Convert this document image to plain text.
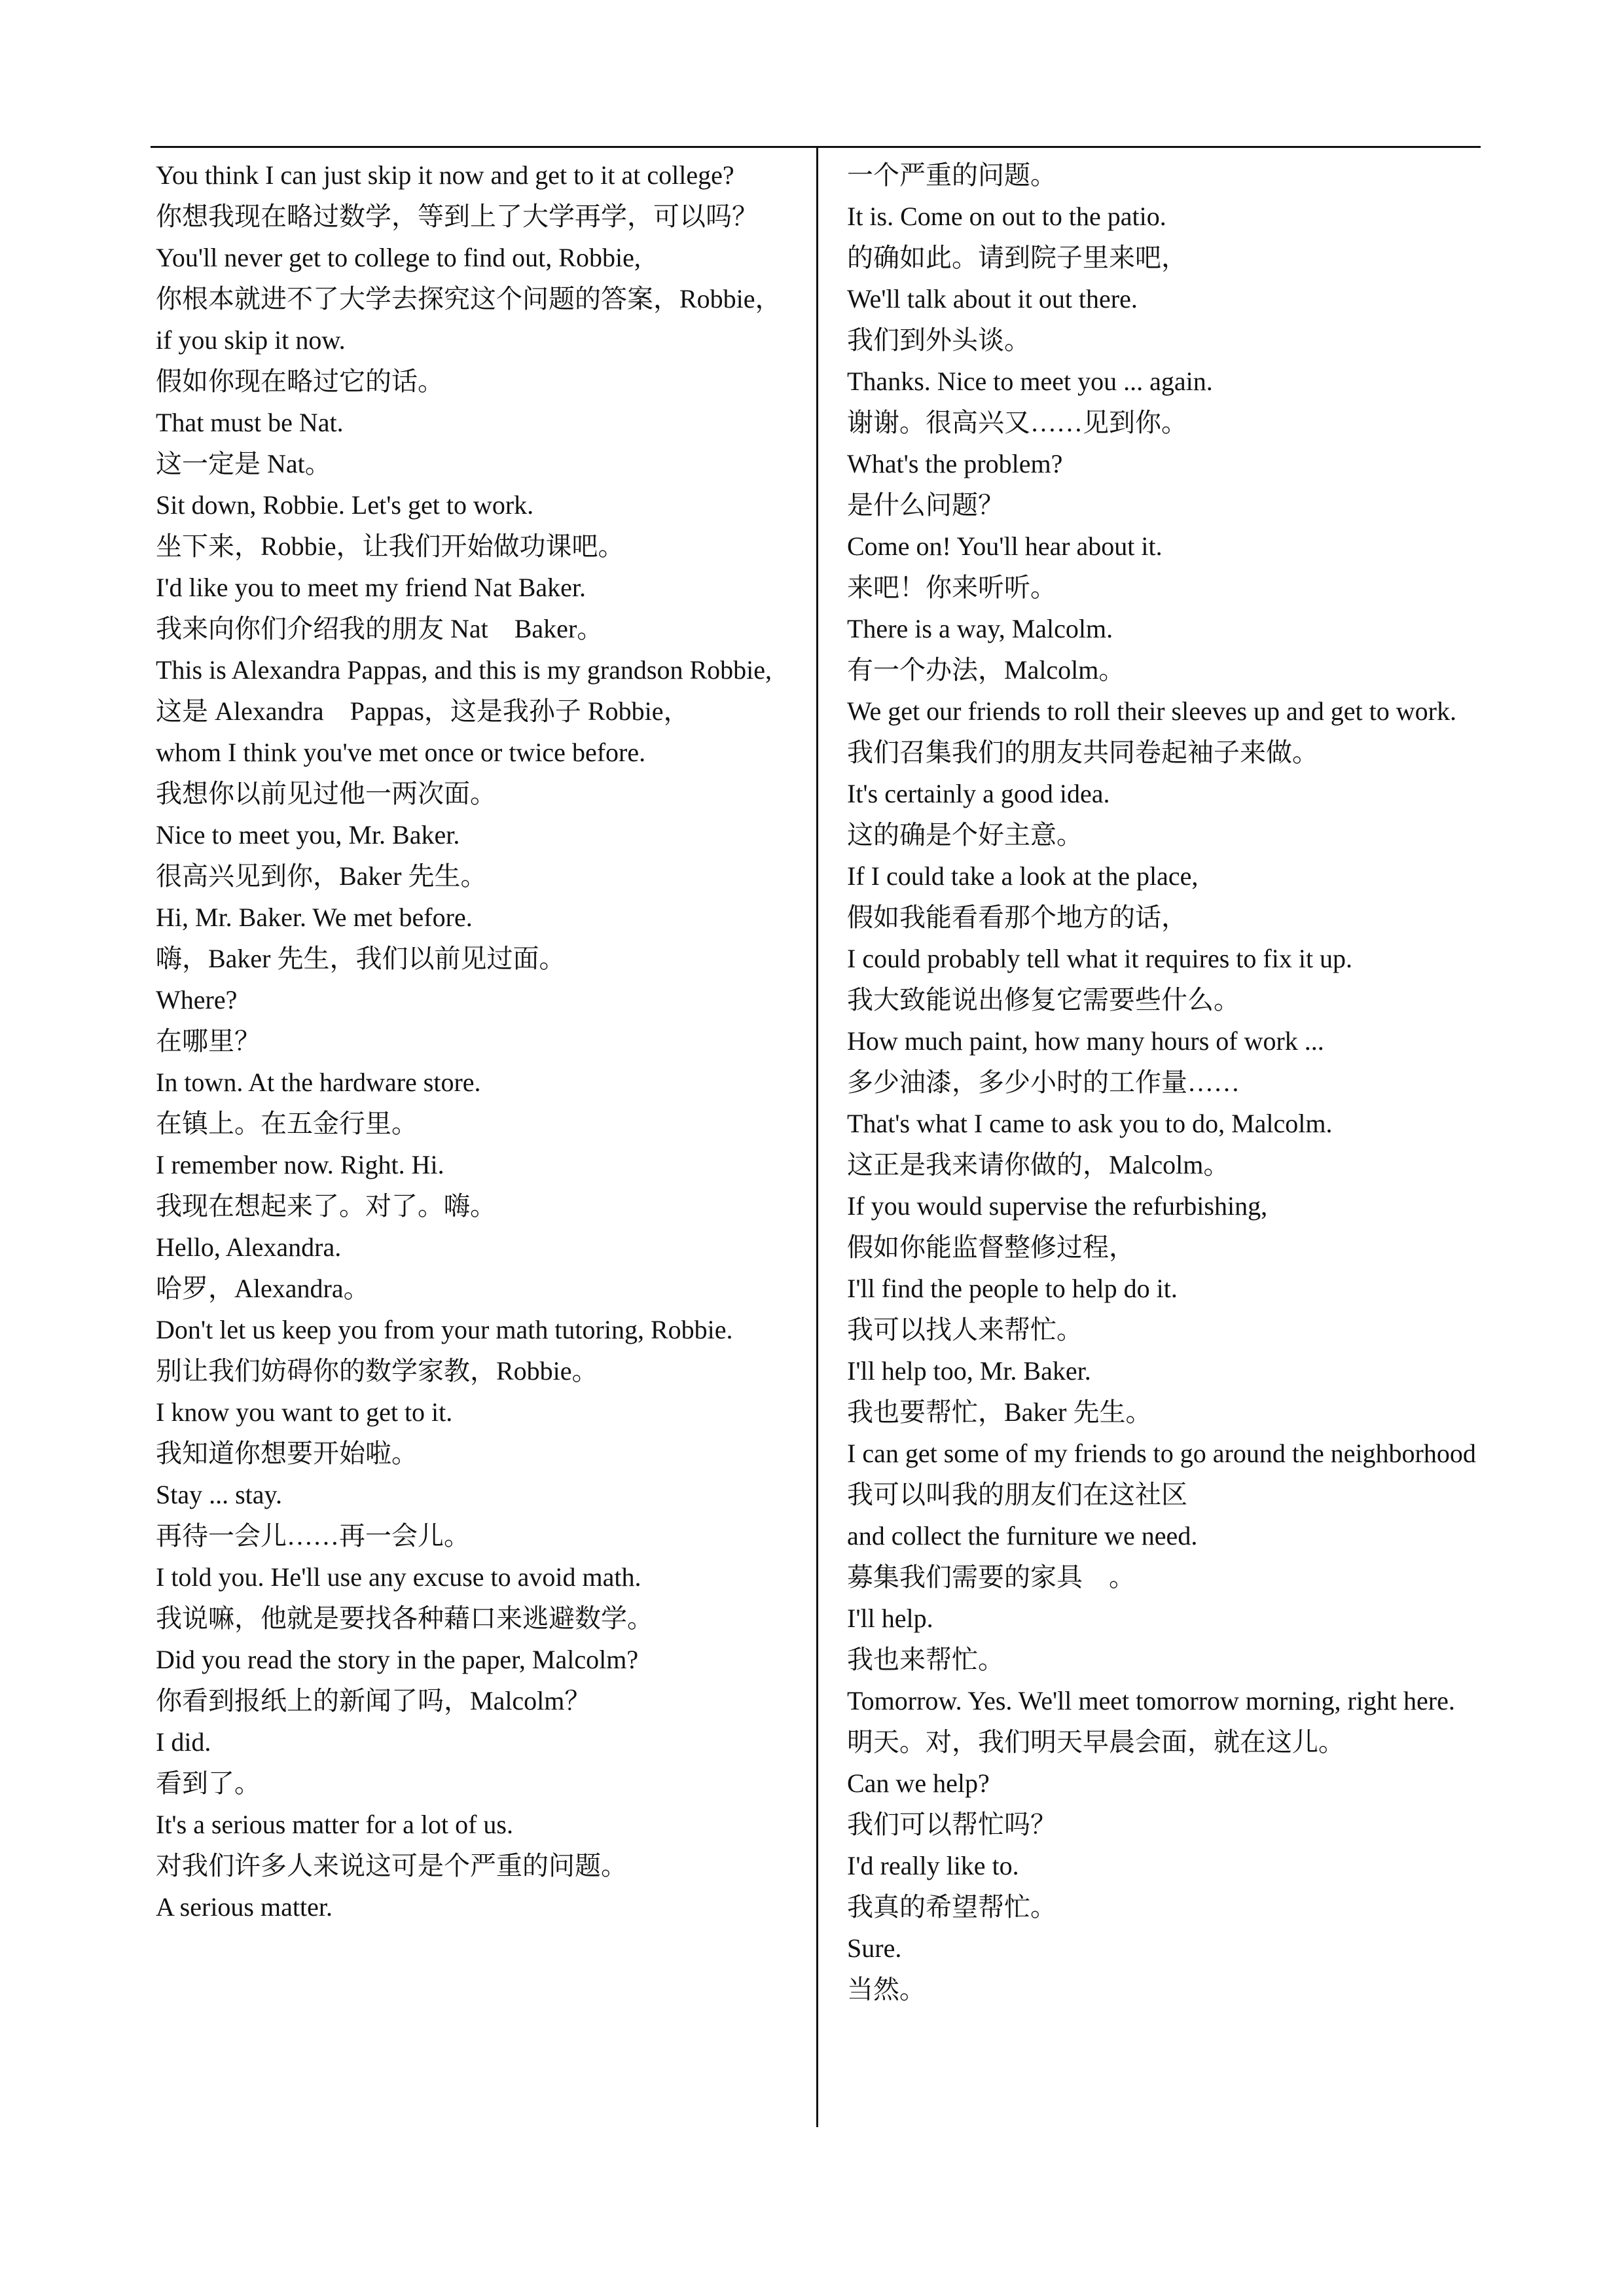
You think I can just skip it now and get to it at college?
你想我现在略过数学，等到上了大学再学，可以吗？
You'll never get to college to find out, Robbie,
你根本就进不了大学去探究这个问题的答案，Robbie，
if you skip it now.
假如你现在略过它的话。
That must be Nat.
这一定是 Nat。
Sit down, Robbie. Let's get to work.
坐下来，Robbie，让我们开始做功课吧。
I'd like you to meet my friend Nat Baker.
我来向你们介绍我的朋友 Nat　Baker。
This is Alexandra Pappas, and this is my grandson Robbie,
这是 Alexandra　Pappas，这是我孙子 Robbie，
whom I think you've met once or twice before.
我想你以前见过他一两次面。
Nice to meet you, Mr. Baker.
很高兴见到你，Baker 先生。
Hi, Mr. Baker. We met before.
嗨，Baker 先生，我们以前见过面。
Where?
在哪里？
In town. At the hardware store.
在镇上。在五金行里。
I remember now. Right. Hi.
我现在想起来了。对了。嗨。
Hello, Alexandra.
哈罗，Alexandra。
Don't let us keep you from your math tutoring, Robbie.
别让我们妨碍你的数学家教，Robbie。
I know you want to get to it.
我知道你想要开始啦。
Stay ... stay.
再待一会儿……再一会儿。
I told you. He'll use any excuse to avoid math.
我说嘛，他就是要找各种藉口来逃避数学。
Did you read the story in the paper, Malcolm?
你看到报纸上的新闻了吗，Malcolm？
I did.
看到了。
It's a serious matter for a lot of us.
对我们许多人来说这可是个严重的问题。
A serious matter.
一个严重的问题。
It is. Come on out to the patio.
的确如此。请到院子里来吧，
We'll talk about it out there.
我们到外头谈。
Thanks. Nice to meet you ... again.
谢谢。很高兴又……见到你。
What's the problem?
是什么问题？
Come on! You'll hear about it.
来吧！你来听听。
There is a way, Malcolm.
有一个办法，Malcolm。
We get our friends to roll their sleeves up and get to work.
我们召集我们的朋友共同卷起袖子来做。
It's certainly a good idea.
这的确是个好主意。
If I could take a look at the place,
假如我能看看那个地方的话，
I could probably tell what it requires to fix it up.
我大致能说出修复它需要些什么。
How much paint, how many hours of work ...
多少油漆，多少小时的工作量……
That's what I came to ask you to do, Malcolm.
这正是我来请你做的，Malcolm。
If you would supervise the refurbishing,
假如你能监督整修过程，
I'll find the people to help do it.
我可以找人来帮忙。
I'll help too, Mr. Baker.
我也要帮忙，Baker 先生。
I can get some of my friends to go around the neighborhood
我可以叫我的朋友们在这社区
and collect the furniture we need.
募集我们需要的家具　。
I'll help.
我也来帮忙。
Tomorrow. Yes. We'll meet tomorrow morning, right here.
明天。对，我们明天早晨会面，就在这儿。
Can we help?
我们可以帮忙吗？
I'd really like to.
我真的希望帮忙。
Sure.
当然。
